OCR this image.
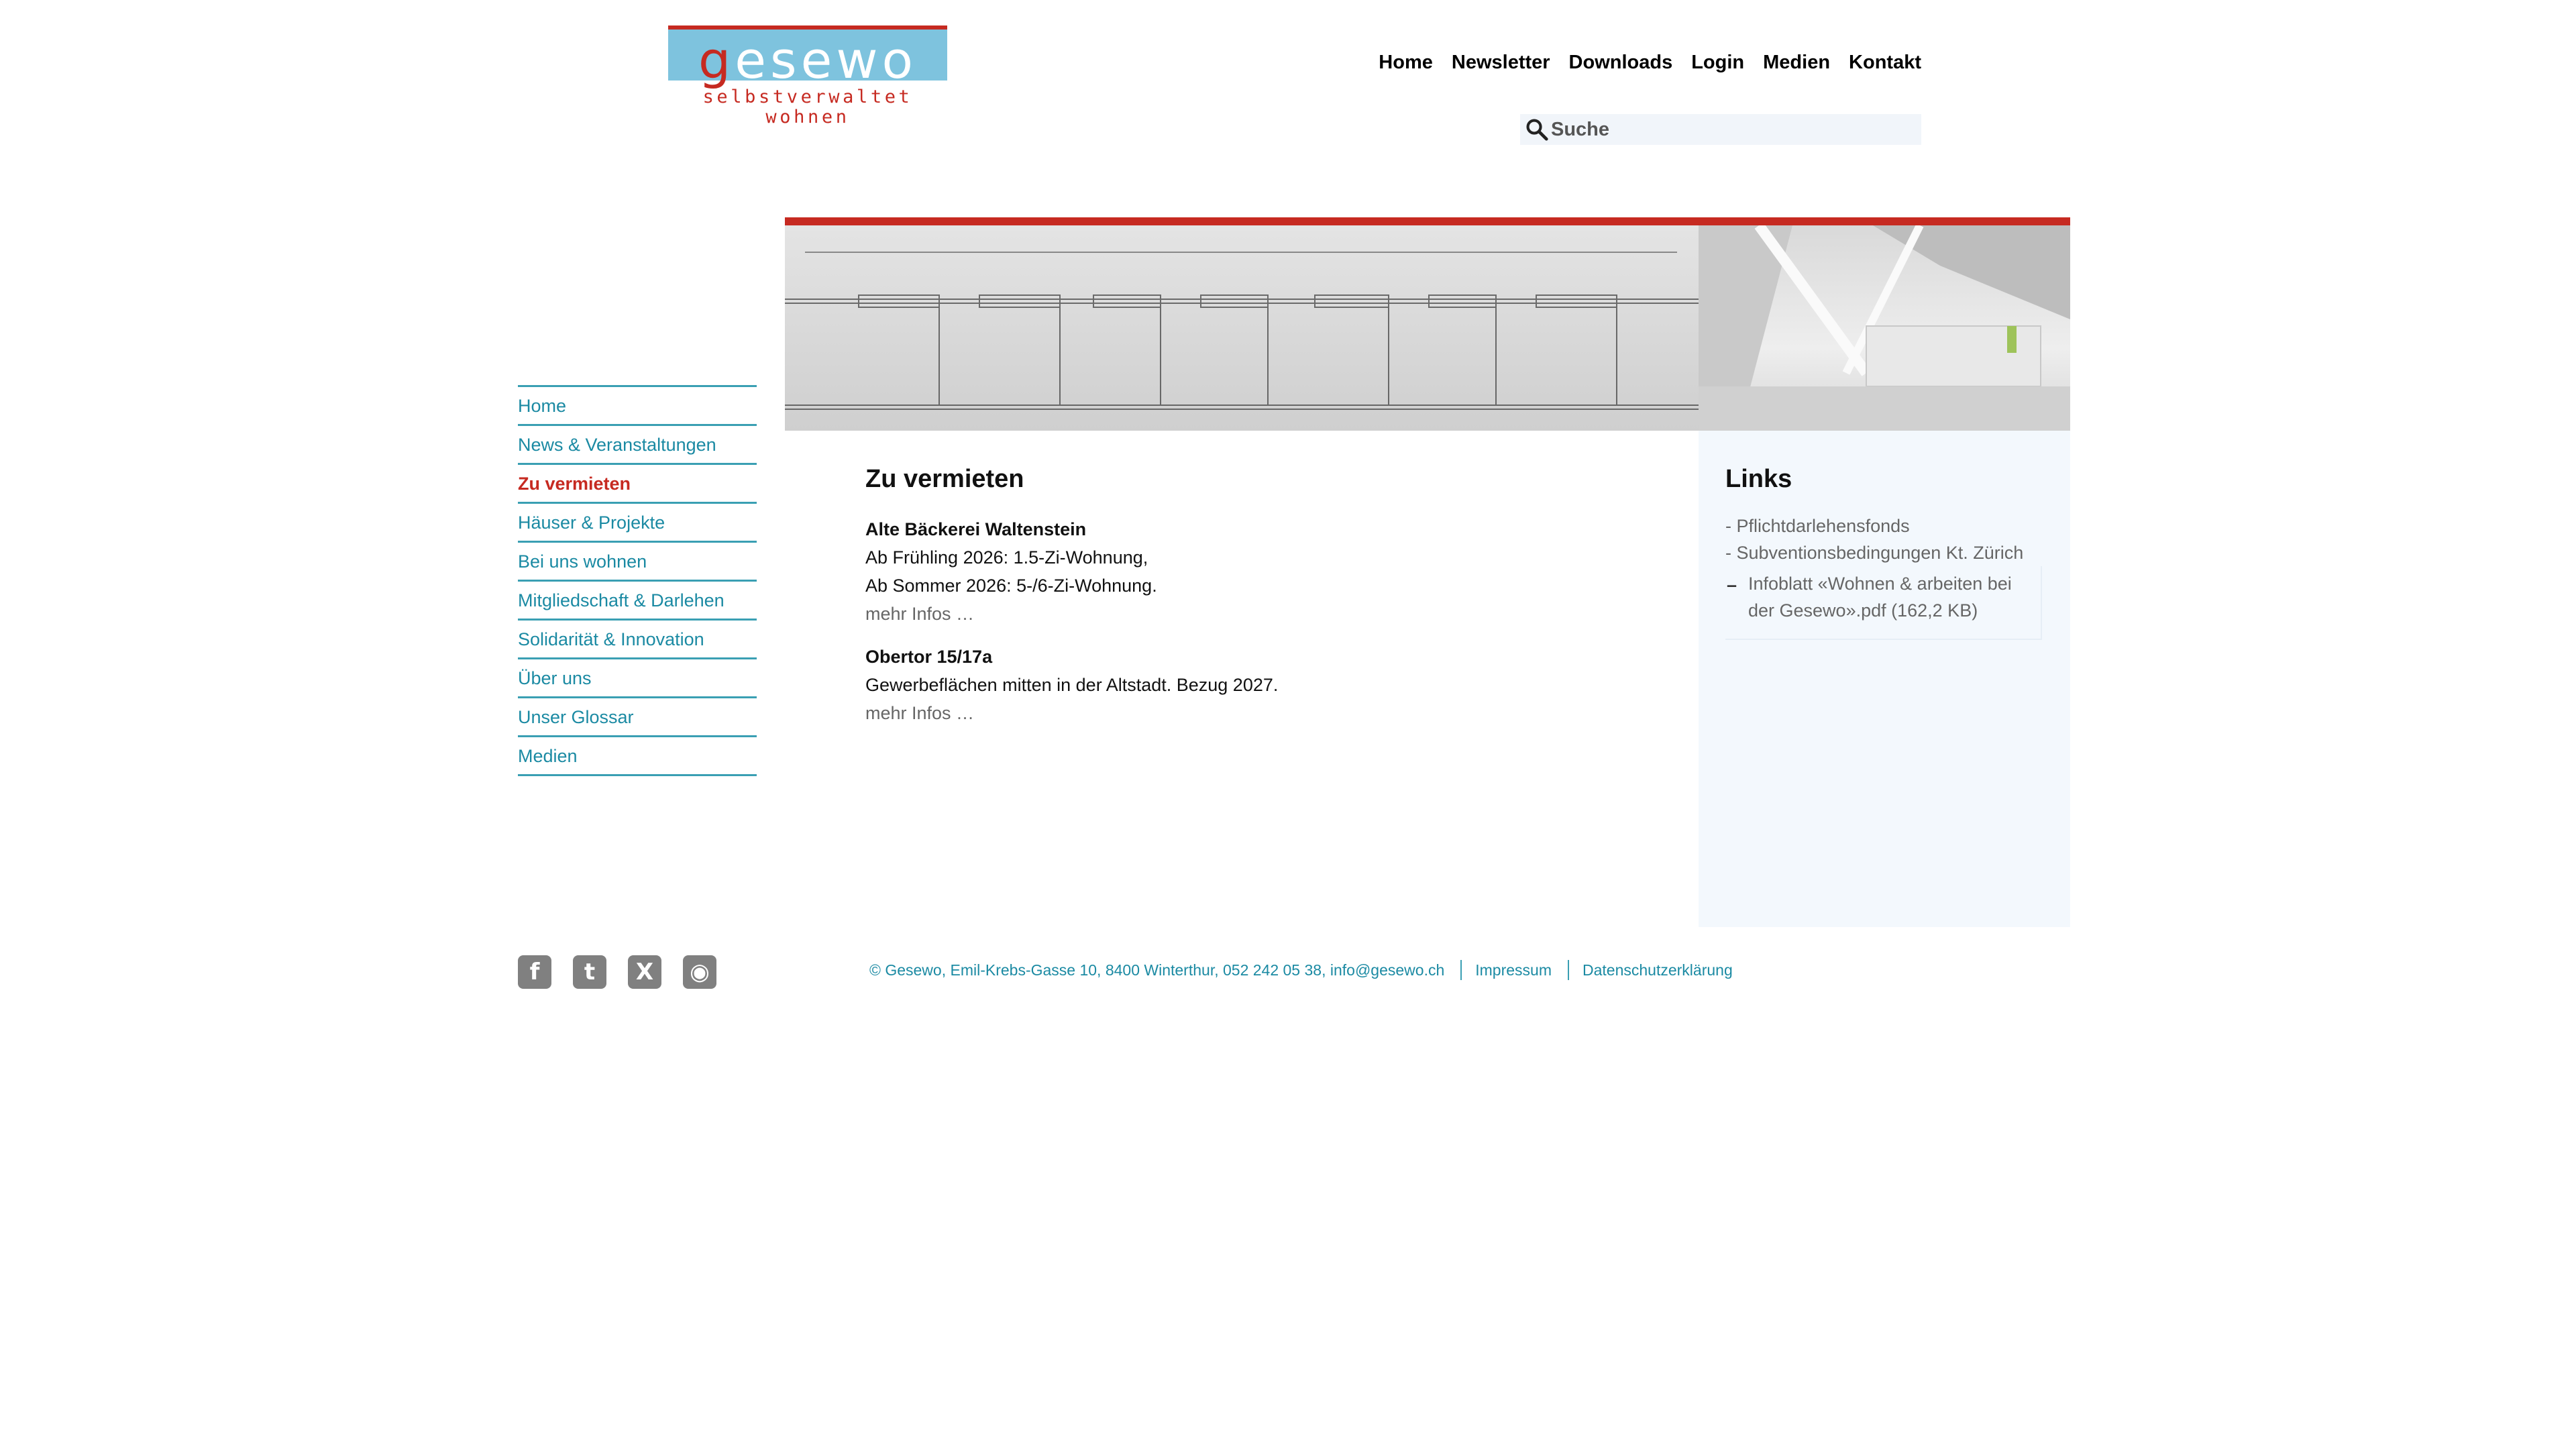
gesewo
selbstverwaltet wohnen
Home Newsletter Downloads Login Medien Kontakt
Suche
Home
News & Veranstaltungen
Zu vermieten
Häuser & Projekte
Bei uns wohnen
Mitgliedschaft & Darlehen
Solidarität & Innovation
Über uns
Unser Glossar
Medien
Zu vermieten
Alte Bäckerei Waltenstein
Ab Frühling 2026: 1.5-Zi-Wohnung,
Ab Sommer 2026: 5-/6-Zi-Wohnung.
mehr Infos …
Obertor 15/17a
Gewerbeflächen mitten in der Altstadt. Bezug 2027.
mehr Infos …
Links
- Pflichtdarlehensfonds
- Subventionsbedingungen Kt. Zürich
– Infoblatt «Wohnen & arbeiten bei der Gesewo».pdf (162,2 KB)
f	t	X	◉	© Gesewo, Emil-Krebs-Gasse 10, 8400 Winterthur, 052 242 05 38, info@gesewo.ch Impressum Datenschutzerklärung
